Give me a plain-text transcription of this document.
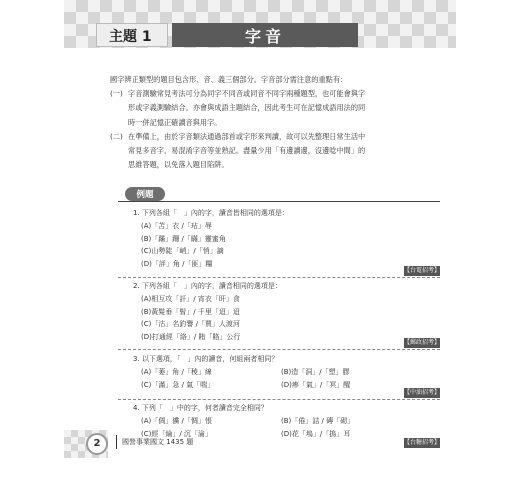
主題 1	字音

國字辨正類型的題目包含形、音、義三個部分。字音部分需注意的重點有：

(一) 字音測驗常見考法可分為同字不同音或同音不同字兩種題型，也可能會與字
形或字義測驗結合。亦會與成語主題結合，因此考生可在記憶成語用法的同
時一併記憶正確讀音與用字。
(二) 在準備上，由於字音類法通過部首或字形來判讀，故可以先整理日常生活中
常見多音字、易混淆字音等並熟記。盡量少用「有邊讀邊，沒邊唸中間」的
思維答題，以免落入題目陷阱。
例題
1. 下列各組「　」內的字，讀音皆相同的選項是：
(A)「苫」衣 /「玷」辱
(B)「蹣」跚 /「瞞」靈蜜角
(C)山勢陡「峭」/「悄」謫
(D)「評」角 /「匪」糧
【台電招考】
2. 下列各組「　」內的字，讀音相同的選項是：
(A)相互攻「訐」/ 宵衣「旰」食
(B)黃髮垂「髫」/ 千里「迢」迢
(C)「沽」名釣譽 /「賈」人渡河
(D)打通經「絡」/ 賄「賂」公行
【郵政招考】
3. 以下選項，「　」內的讀音，何組兩者相同？
(A)「萎」角 /「稜」線	(B)造「洞」/「塑」膠
(C)「滿」急 / 氣「喘」	(D)瘆「氣」/「冥」醒
【中油招考】
4. 下列「　」中的字，何者讀音完全相同？
(A)「倜」儻 /「惆」悵	(B)「倦」詰 / 磚「砌」
(C)經「綸」/ 沉「淪」	(D)花「塢」/「摀」耳
【台糖招考】
2	國營事業國文 1435 題
